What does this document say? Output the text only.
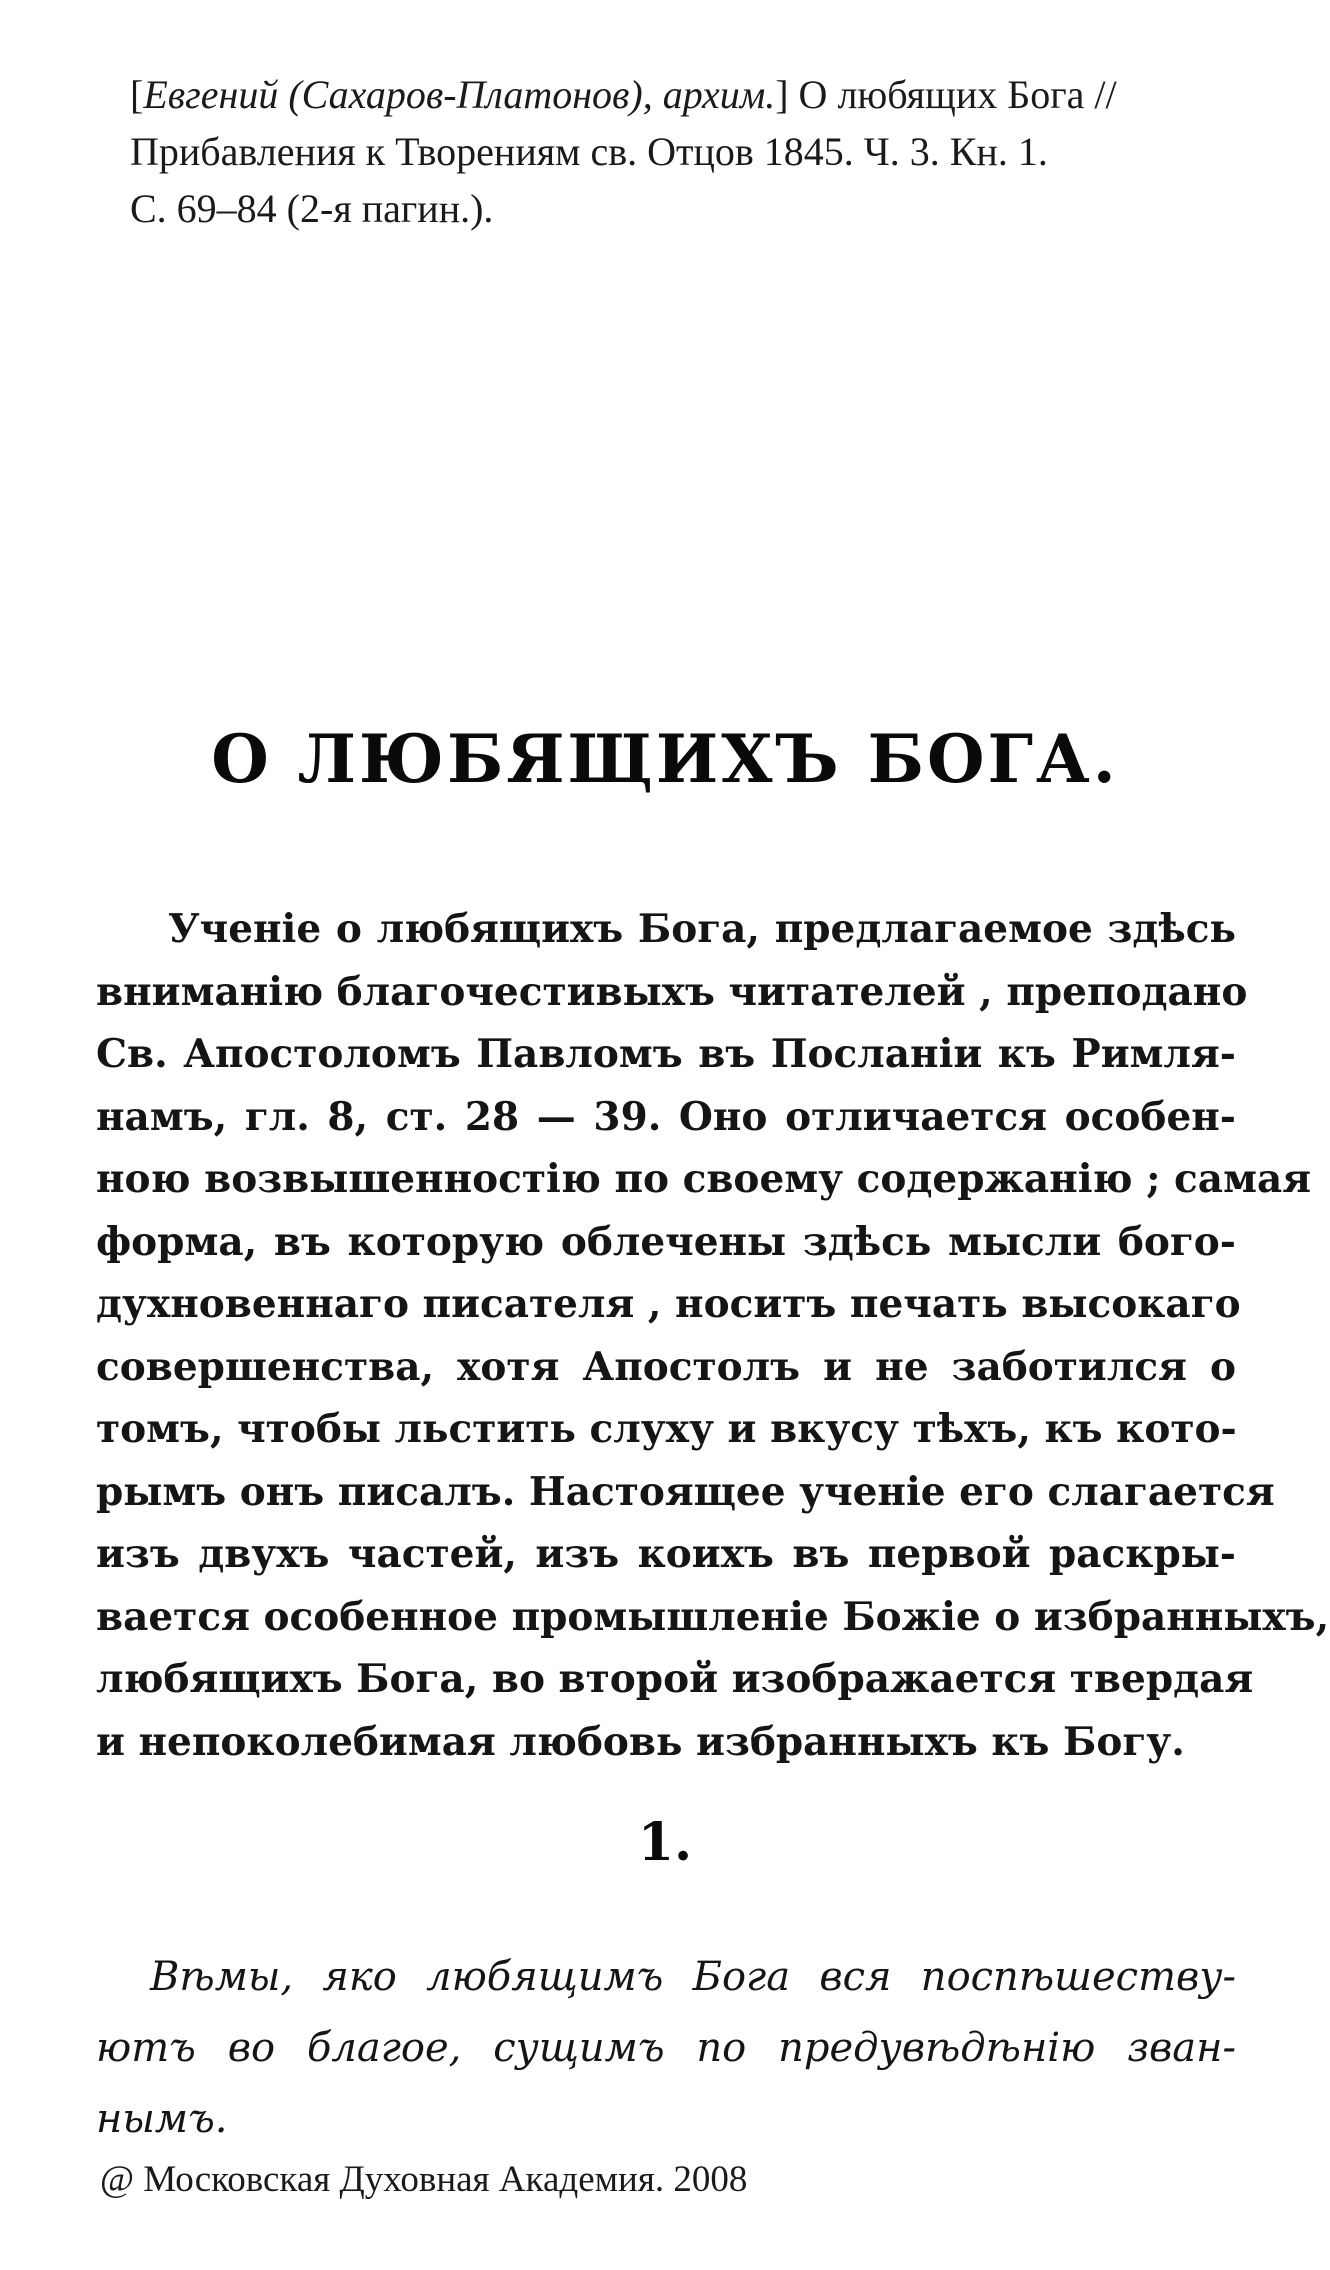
[Евгений (Сахаров-Платонов), архим.] О любящих Бога //
Прибавления к Творениям св. Отцов 1845. Ч. 3. Кн. 1.
С. 69–84 (2-я пагин.).
О ЛЮБЯЩИХЪ БОГА.
Ученіе о любящихъ Бога, предлагаемое здѣсь
вниманію благочестивыхъ читателей , преподано
Св. Апостоломъ Павломъ въ Посланіи къ Римля-
намъ, гл. 8, ст. 28 — 39. Оно отличается особен-
ною возвышенностію по своему содержанію ; самая
форма, въ которую облечены здѣсь мысли бого-
духновеннаго писателя , носитъ печать высокаго
совершенства, хотя Апостолъ и не заботился о
томъ, чтобы льстить слуху и вкусу тѣхъ, къ кото-
рымъ онъ писалъ. Настоящее ученіе его слагается
изъ двухъ частей, изъ коихъ въ первой раскры-
вается особенное промышленіе Божіе о избранныхъ,
любящихъ Бога, во второй изображается твердая
и непоколебимая любовь избранныхъ къ Богу.
1.
Вѣмы, яко любящимъ Бога вся поспѣшеству-
ютъ во благое, сущимъ по предувѣдѣнію зван-
нымъ.
@ Московская Духовная Академия. 2008
